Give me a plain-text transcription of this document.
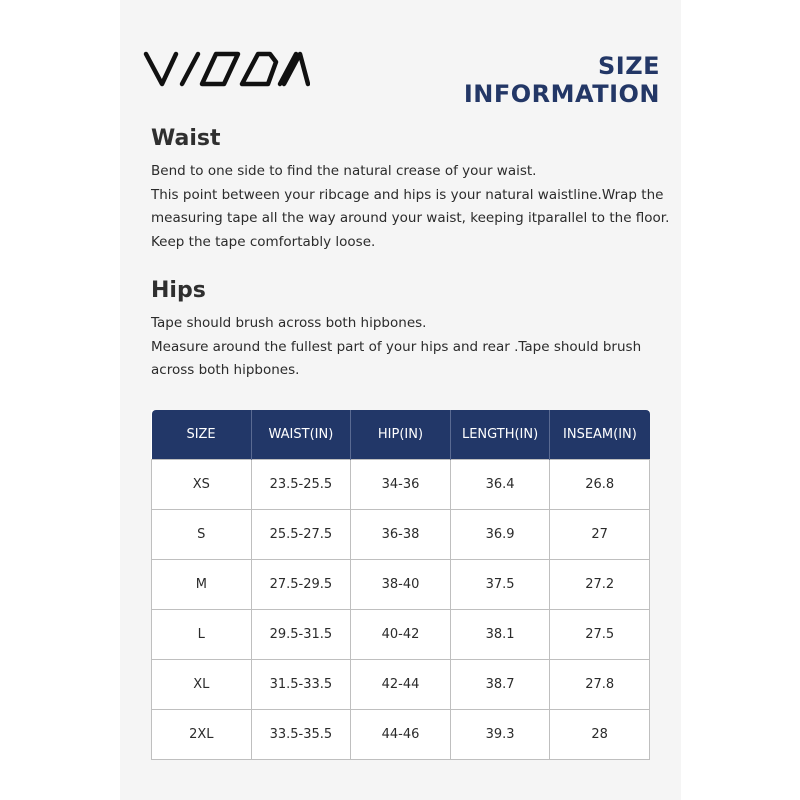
SIZE INFORMATION
Waist
Bend to one side to find the natural crease of your waist.
This point between your ribcage and hips is your natural waistline.Wrap the
measuring tape all the way around your waist, keeping itparallel to the floor.
Keep the tape comfortably loose.
Hips
Tape should brush across both hipbones.
Measure around the fullest part of your hips and rear .Tape should brush
across both hipbones.
SIZE	WAIST(IN)	HIP(IN)	LENGTH(IN)	INSEAM(IN)
XS	23.5-25.5	34-36	36.4	26.8
S	25.5-27.5	36-38	36.9	27
M	27.5-29.5	38-40	37.5	27.2
L	29.5-31.5	40-42	38.1	27.5
XL	31.5-33.5	42-44	38.7	27.8
2XL	33.5-35.5	44-46	39.3	28
